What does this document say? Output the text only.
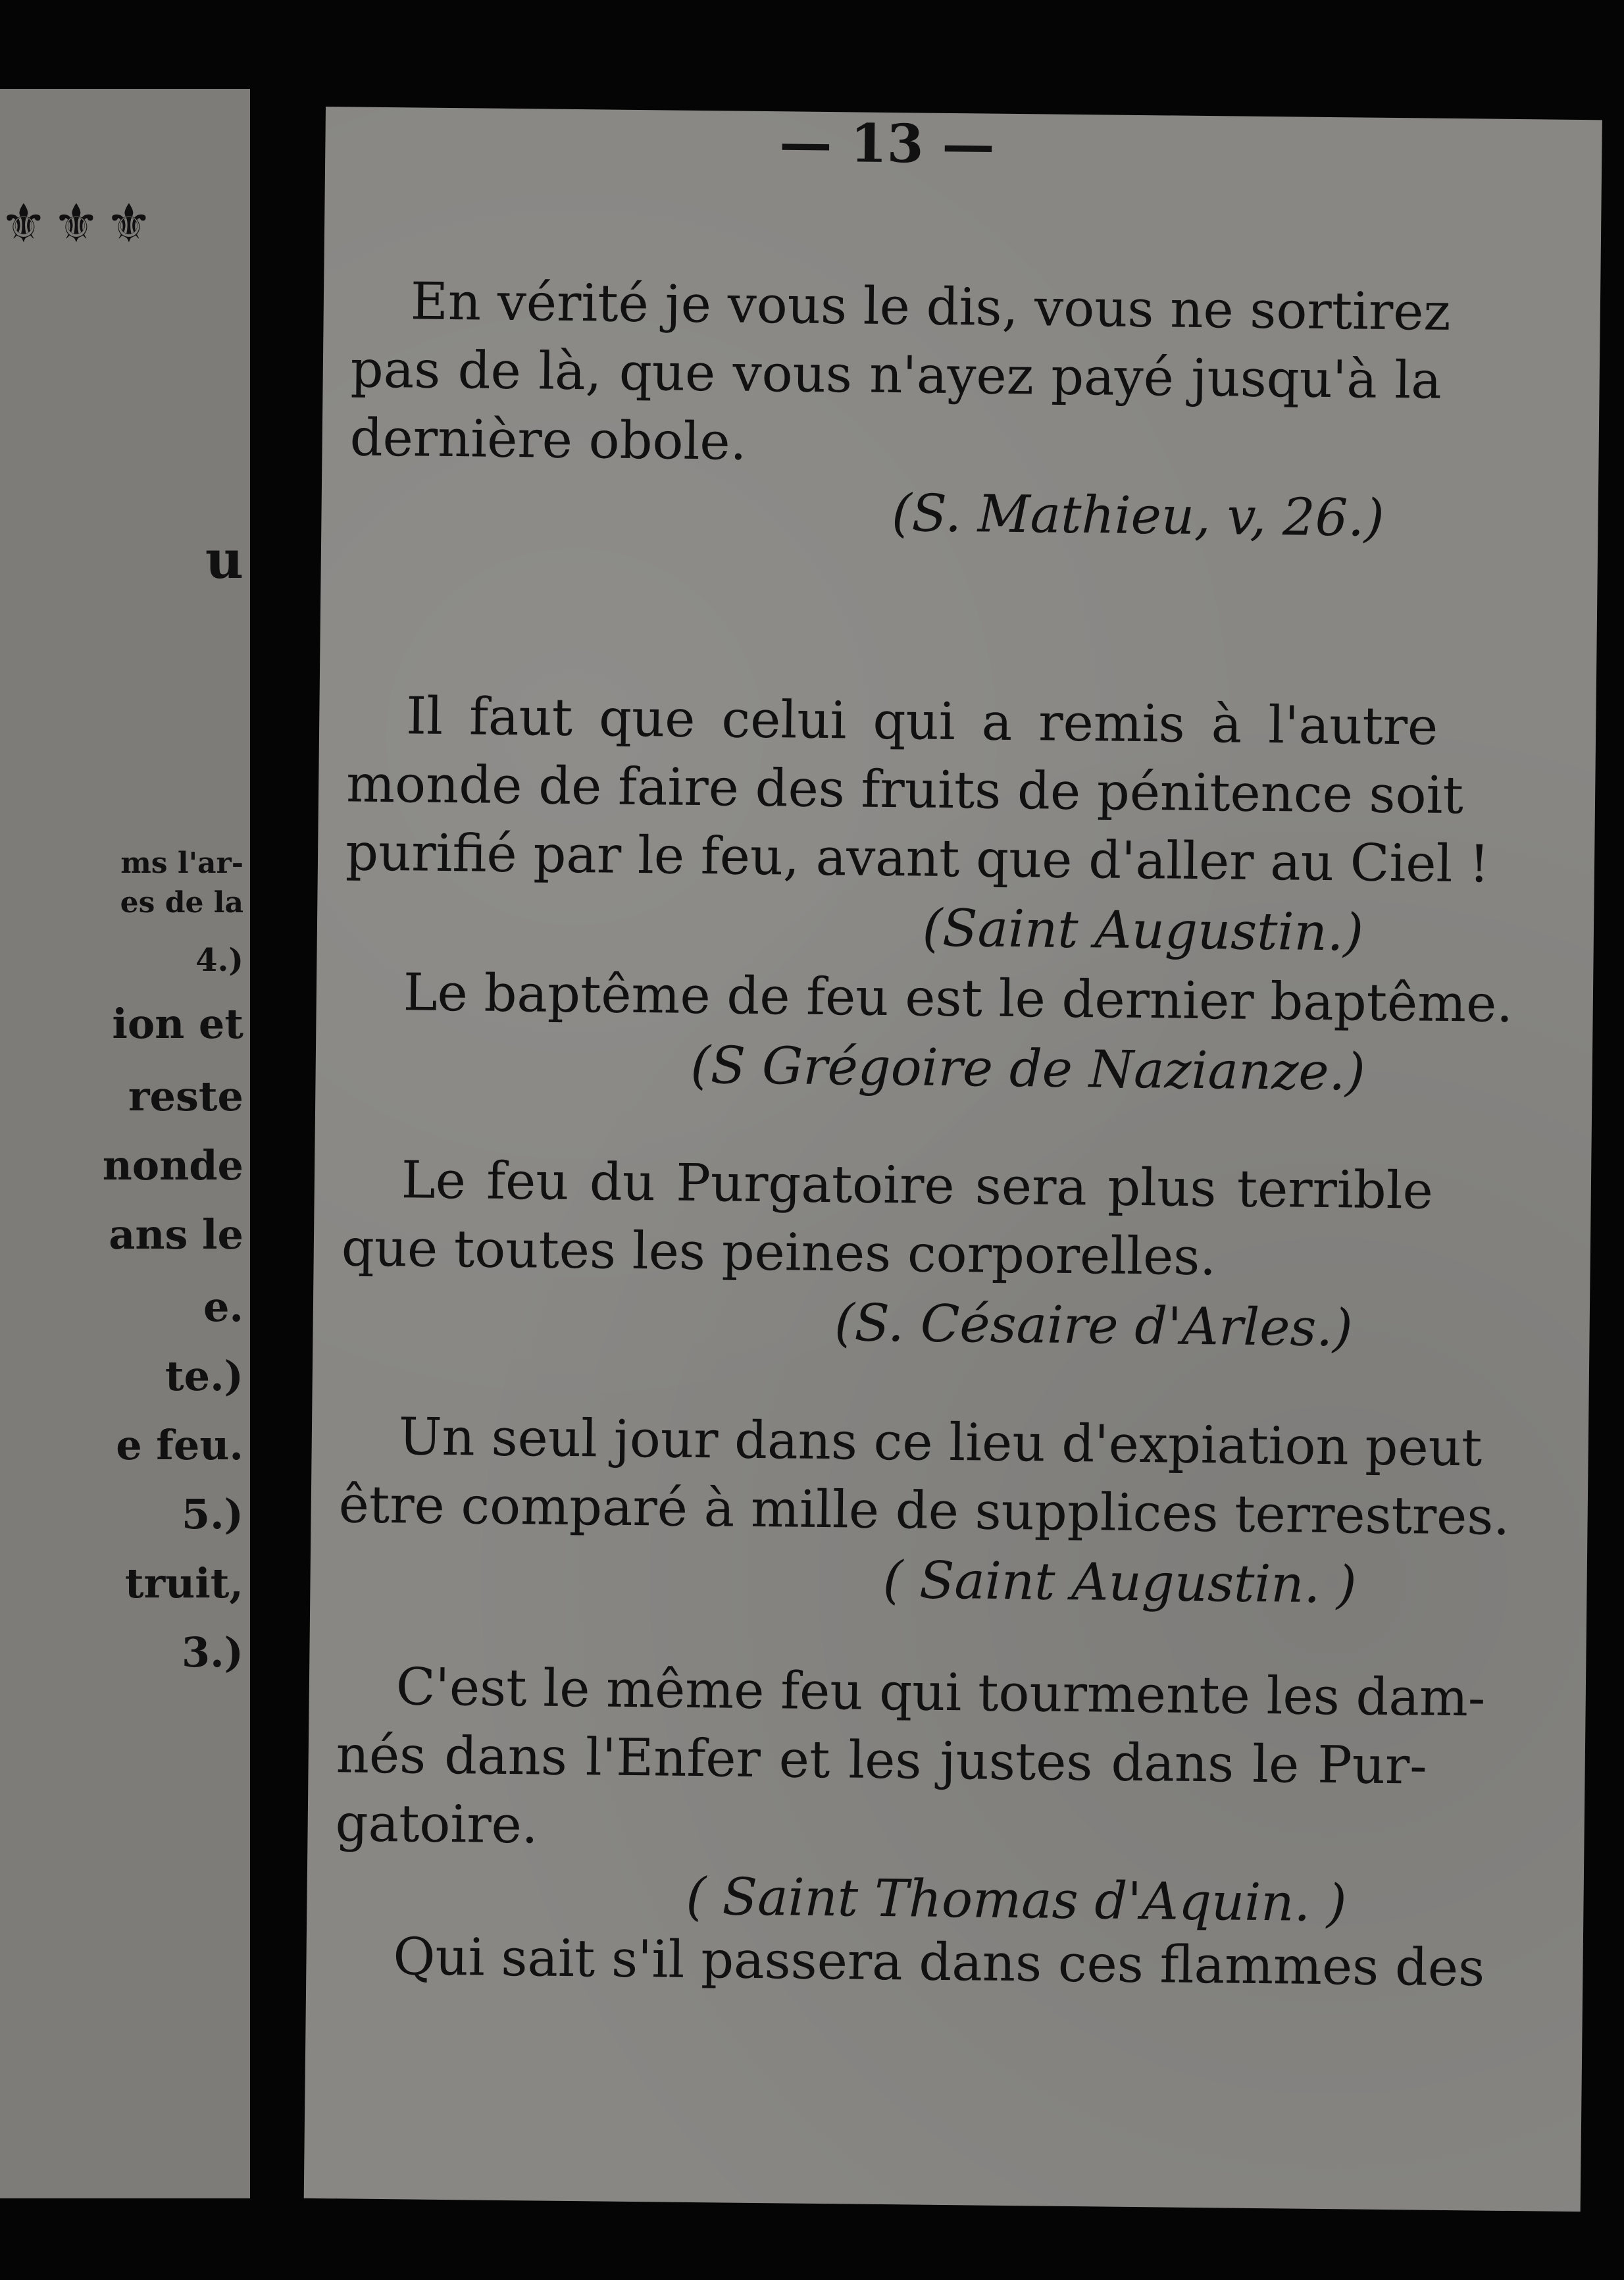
⚜ ⚜ ⚜
u
ms l'ar-
es de la
4.)
ion et
reste
nonde
ans le
e.
te.)
e feu.
5.)
truit,
3.)
— 13 —
En vérité je vous le dis, vous ne sortirez
pas de là, que vous n'ayez payé jusqu'à la
dernière obole.
(S. Mathieu, v, 26.)
Il faut que celui qui a remis à l'autre
monde de faire des fruits de pénitence soit
purifié par le feu, avant que d'aller au Ciel !
(Saint Augustin.)
Le baptême de feu est le dernier baptême.
(S Grégoire de Nazianze.)
Le feu du Purgatoire sera plus terrible
que toutes les peines corporelles.
(S. Césaire d'Arles.)
Un seul jour dans ce lieu d'expiation peut
être comparé à mille de supplices terrestres.
( Saint Augustin. )
C'est le même feu qui tourmente les dam-
nés dans l'Enfer et les justes dans le Pur-
gatoire.
( Saint Thomas d'Aquin. )
Qui sait s'il passera dans ces flammes des
